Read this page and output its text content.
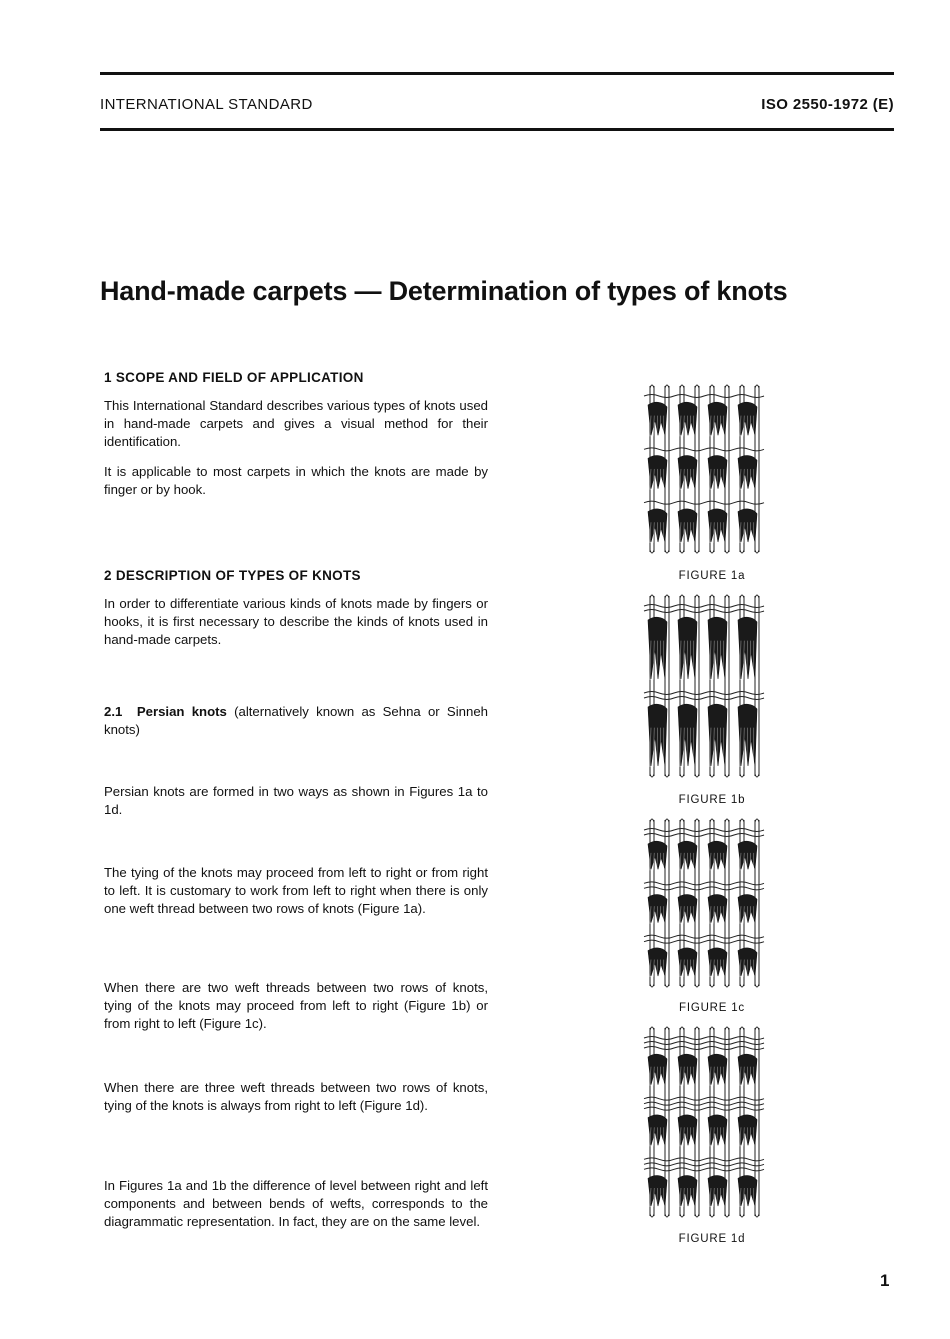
INTERNATIONAL STANDARD	ISO 2550-1972 (E)
Hand-made carpets — Determination of types of knots
1 SCOPE AND FIELD OF APPLICATION

This International Standard describes various types of knots used in hand-made carpets and gives a visual method for their identification.

It is applicable to most carpets in which the knots are made by finger or by hook.

2 DESCRIPTION OF TYPES OF KNOTS

In order to differentiate various kinds of knots made by fingers or hooks, it is first necessary to describe the kinds of knots used in hand-made carpets.

2.1 Persian knots (alternatively known as Sehna or Sinneh knots)

Persian knots are formed in two ways as shown in Figures 1a to 1d.

The tying of the knots may proceed from left to right or from right to left. It is customary to work from left to right when there is only one weft thread between two rows of knots (Figure 1a).

When there are two weft threads between two rows of knots, tying of the knots may proceed from left to right (Figure 1b) or from right to left (Figure 1c).

When there are three weft threads between two rows of knots, tying of the knots is always from right to left (Figure 1d).

In Figures 1a and 1b the difference of level between right and left components and between bends of wefts, corresponds to the diagrammatic representation. In fact, they are on the same level.

FIGURE 1a
FIGURE 1b
FIGURE 1c
FIGURE 1d
1
